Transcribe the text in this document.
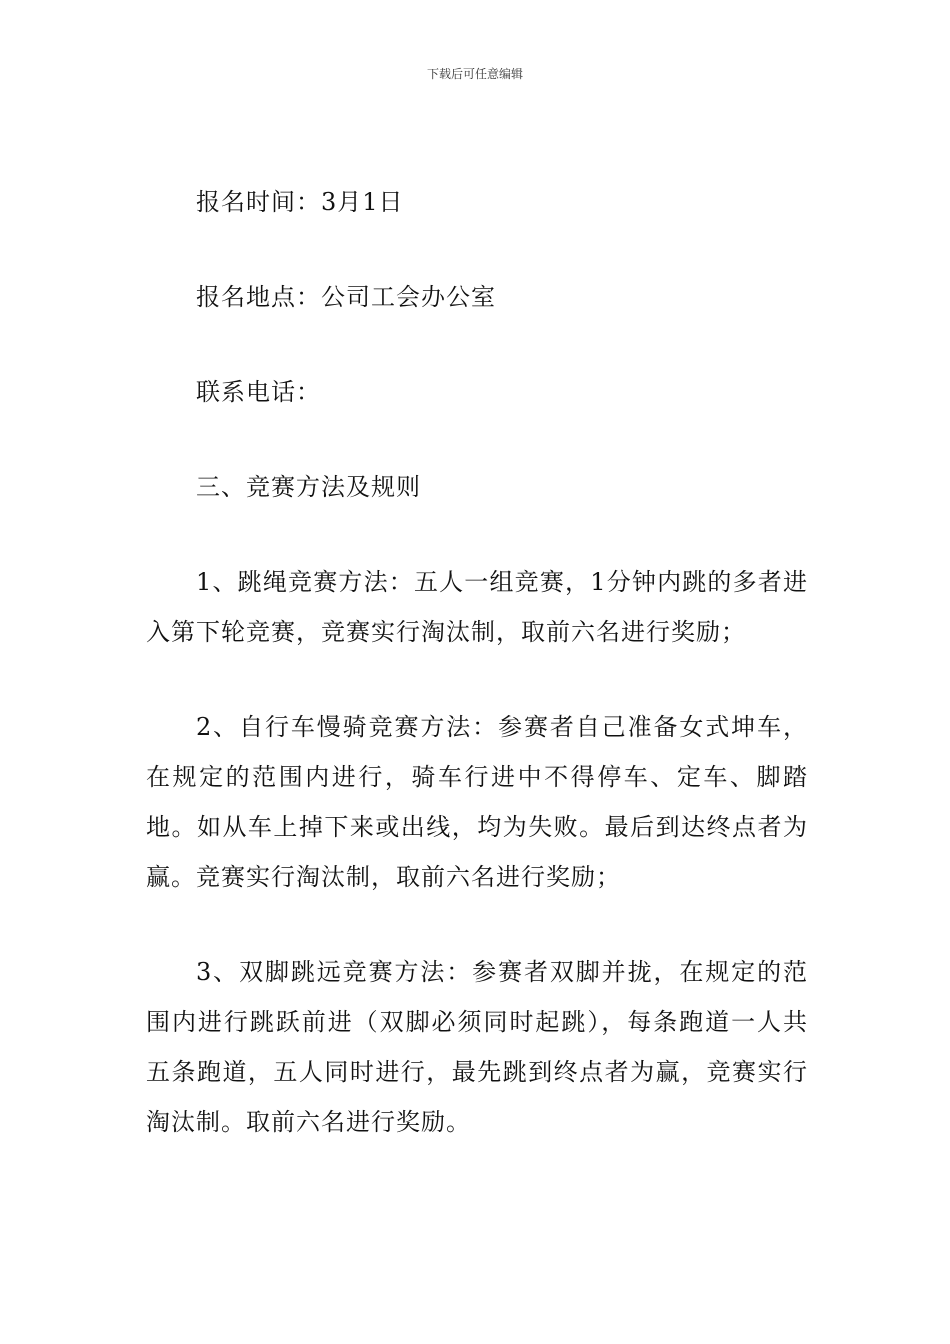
下载后可任意编辑

报名时间：3月1日

报名地点：公司工会办公室

联系电话：

三、竞赛方法及规则

1、跳绳竞赛方法：五人一组竞赛，1分钟内跳的多者进入第下轮竞赛，竞赛实行淘汰制，取前六名进行奖励；

2、自行车慢骑竞赛方法：参赛者自己准备女式坤车，在规定的范围内进行，骑车行进中不得停车、定车、脚踏地。如从车上掉下来或出线，均为失败。最后到达终点者为赢。竞赛实行淘汰制，取前六名进行奖励；

3、双脚跳远竞赛方法：参赛者双脚并拢，在规定的范围内进行跳跃前进（双脚必须同时起跳），每条跑道一人共五条跑道，五人同时进行，最先跳到终点者为赢，竞赛实行淘汰制。取前六名进行奖励。
